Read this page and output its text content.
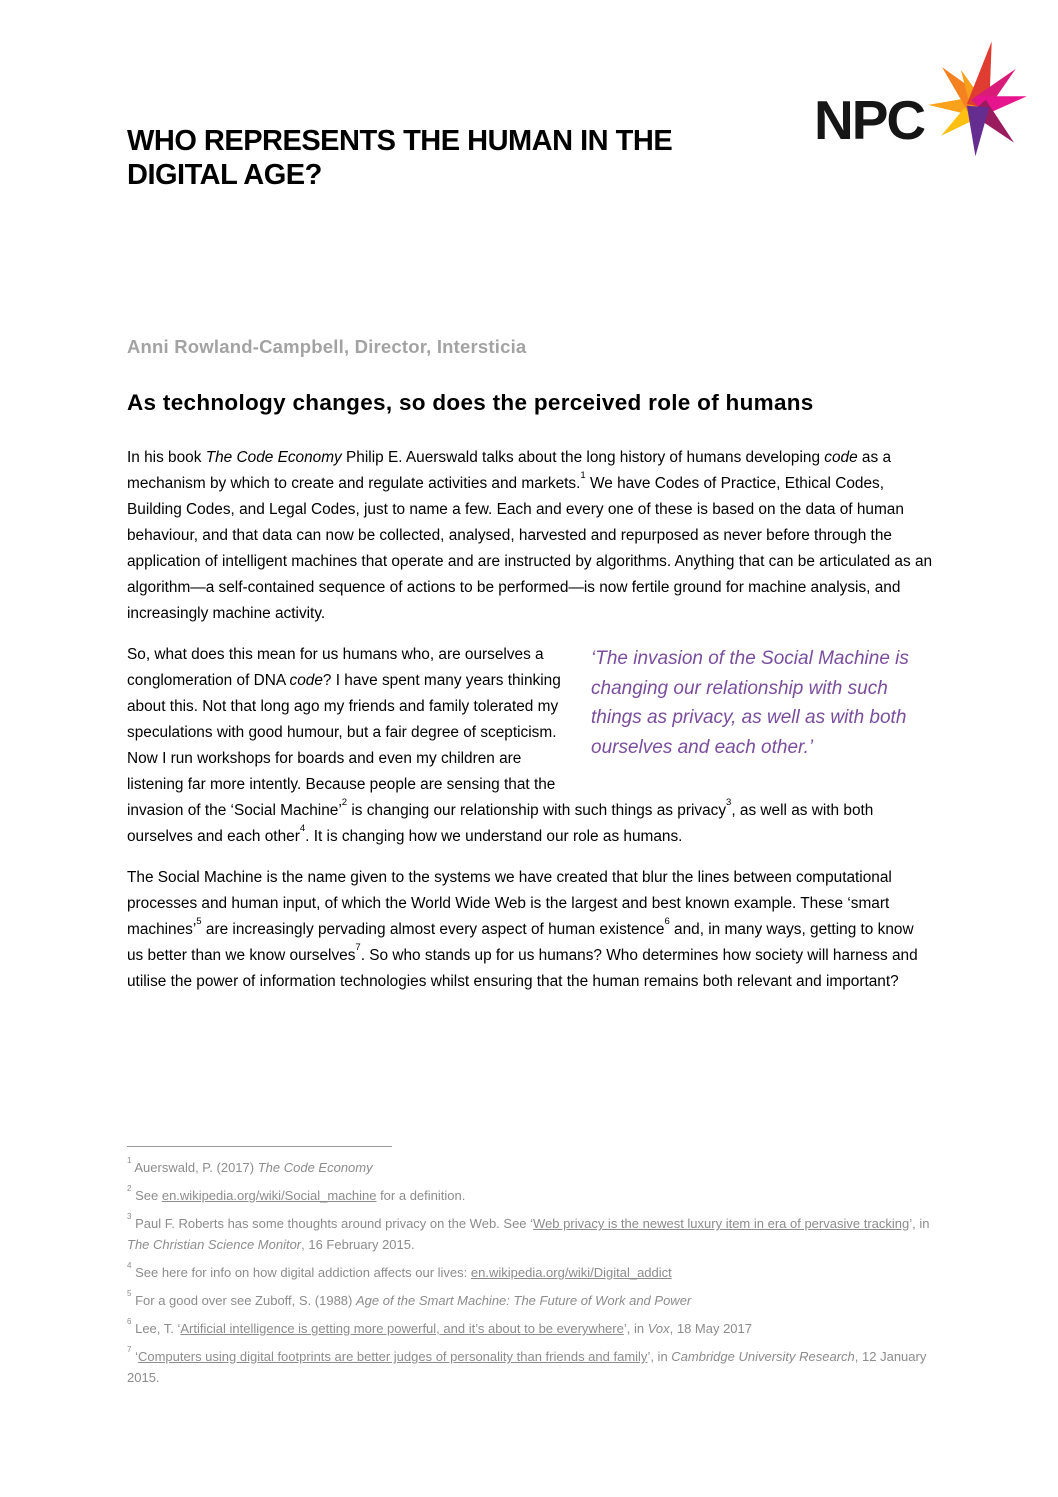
WHO REPRESENTS THE HUMAN IN THE
DIGITAL AGE?
NPC
Anni Rowland-Campbell, Director, Intersticia
As technology changes, so does the perceived role of humans

In his book The Code Economy Philip E. Auerswald talks about the long history of humans developing code as a mechanism by which to create and regulate activities and markets.$^1$ We have Codes of Practice, Ethical Codes, Building Codes, and Legal Codes, just to name a few. Each and every one of these is based on the data of human behaviour, and that data can now be collected, analysed, harvested and repurposed as never before through the application of intelligent machines that operate and are instructed by algorithms. Anything that can be articulated as an algorithm—a self-contained sequence of actions to be performed—is now fertile ground for machine analysis, and increasingly machine activity.

‘The invasion of the Social Machine is changing our relationship with such things as privacy, as well as with both ourselves and each other.’
So, what does this mean for us humans who, are ourselves a conglomeration of DNA code? I have spent many years thinking about this. Not that long ago my friends and family tolerated my speculations with good humour, but a fair degree of scepticism. Now I run workshops for boards and even my children are listening far more intently. Because people are sensing that the invasion of the ‘Social Machine’$^2$ is changing our relationship with such things as privacy$^3$, as well as with both ourselves and each other$^4$. It is changing how we understand our role as humans.

The Social Machine is the name given to the systems we have created that blur the lines between computational processes and human input, of which the World Wide Web is the largest and best known example. These ‘smart machines’$^5$ are increasingly pervading almost every aspect of human existence$^6$ and, in many ways, getting to know us better than we know ourselves$^7$. So who stands up for us humans? Who determines how society will harness and utilise the power of information technologies whilst ensuring that the human remains both relevant and important?

$^1$ Auerswald, P. (2017) The Code Economy
$^2$ See en.wikipedia.org/wiki/Social_machine for a definition.
$^3$ Paul F. Roberts has some thoughts around privacy on the Web. See ‘Web privacy is the newest luxury item in era of pervasive tracking’, in The Christian Science Monitor, 16 February 2015.
$^4$ See here for info on how digital addiction affects our lives: en.wikipedia.org/wiki/Digital_addict
$^5$ For a good over see Zuboff, S. (1988) Age of the Smart Machine: The Future of Work and Power
$^6$ Lee, T. ‘Artificial intelligence is getting more powerful, and it’s about to be everywhere’, in Vox, 18 May 2017
$^7$ ‘Computers using digital footprints are better judges of personality than friends and family’, in Cambridge University Research, 12 January 2015.
